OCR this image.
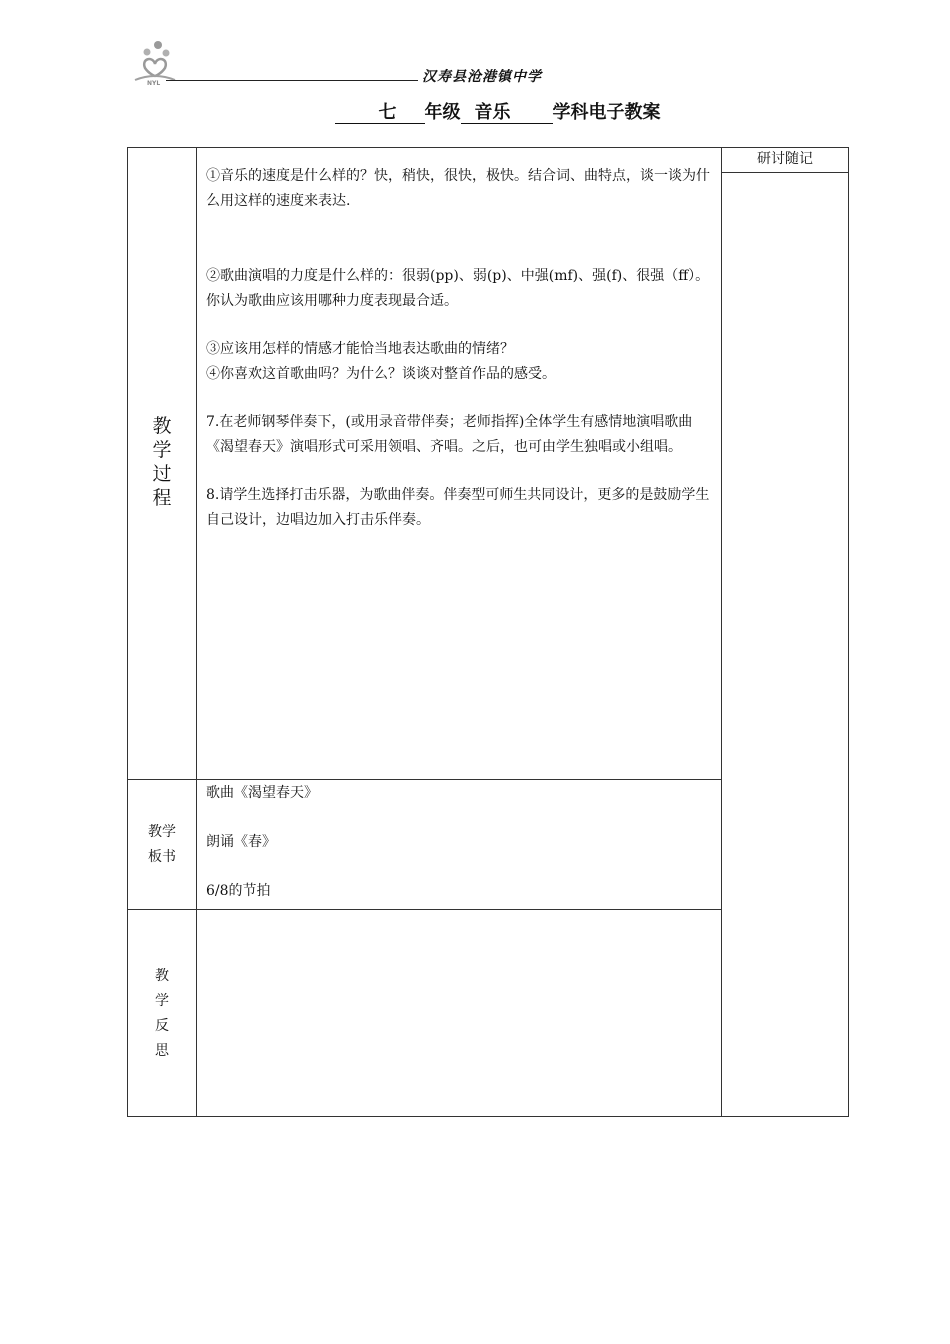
NYL	汉寿县沧港镇中学
七 年级 音乐 学科电子教案
研讨随记
教
学
过
程

①音乐的速度是什么样的？快，稍快，很快，极快。结合词、曲特点，谈一谈为什么用这样的速度来表达.

②歌曲演唱的力度是什么样的：很弱(pp)、弱(p)、中强(mf)、强(f)、很强（ff）。你认为歌曲应该用哪种力度表现最合适。

③应该用怎样的情感才能恰当地表达歌曲的情绪？

④你喜欢这首歌曲吗？为什么？谈谈对整首作品的感受。

7.在老师钢琴伴奏下，(或用录音带伴奏；老师指挥)全体学生有感情地演唱歌曲《渴望春天》演唱形式可采用领唱、齐唱。之后，也可由学生独唱或小组唱。

8.请学生选择打击乐器，为歌曲伴奏。伴奏型可师生共同设计，更多的是鼓励学生自己设计，边唱边加入打击乐伴奏。

教学
板书

歌曲《渴望春天》

朗诵《春》

6/8的节拍

教
学
反
思
